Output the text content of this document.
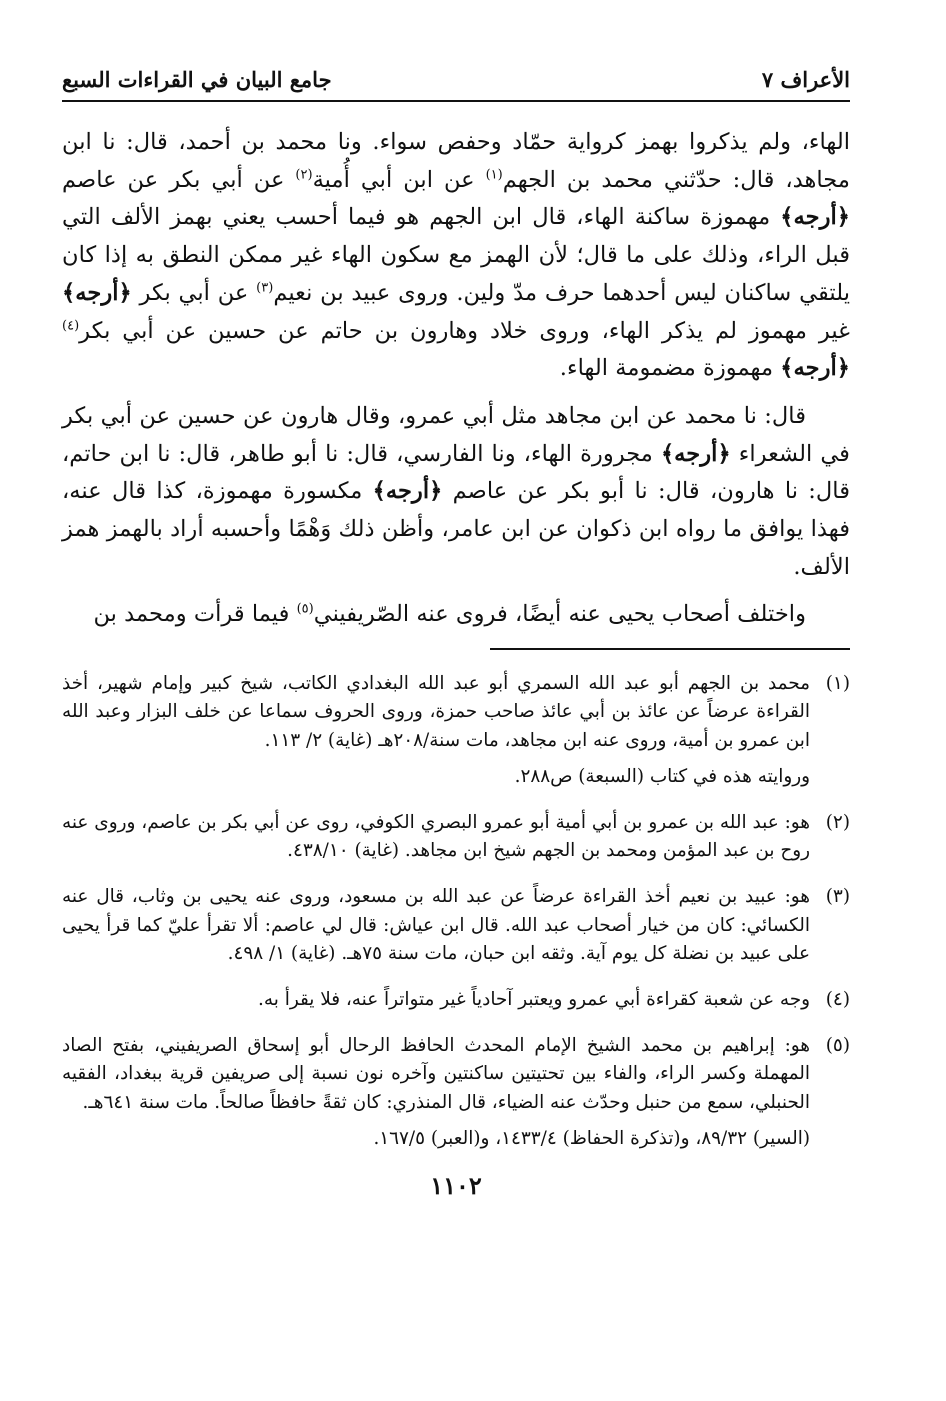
الأعراف ٧
جامع البيان في القراءات السبع

الهاء، ولم يذكروا بهمز كرواية حمّاد وحفص سواء. ونا محمد بن أحمد، قال: نا ابن مجاهد، قال: حدّثني محمد بن الجهم$^{(١)}$ عن ابن أبي أُمية$^{(٢)}$ عن أبي بكر عن عاصم ﴿أرجه﴾ مهموزة ساكنة الهاء، قال ابن الجهم هو فيما أحسب يعني بهمز الألف التي قبل الراء، وذلك على ما قال؛ لأن الهمز مع سكون الهاء غير ممكن النطق به إذا كان يلتقي ساكنان ليس أحدهما حرف مدّ ولين. وروى عبيد بن نعيم$^{(٣)}$ عن أبي بكر ﴿أرجه﴾ غير مهموز لم يذكر الهاء، وروى خلاد وهارون بن حاتم عن حسين عن أبي بكر$^{(٤)}$ ﴿أرجه﴾ مهموزة مضمومة الهاء.

قال: نا محمد عن ابن مجاهد مثل أبي عمرو، وقال هارون عن حسين عن أبي بكر في الشعراء ﴿أرجه﴾ مجرورة الهاء، ونا الفارسي، قال: نا أبو طاهر، قال: نا ابن حاتم، قال: نا هارون، قال: نا أبو بكر عن عاصم ﴿أرجه﴾ مكسورة مهموزة، كذا قال عنه، فهذا يوافق ما رواه ابن ذكوان عن ابن عامر، وأظن ذلك وَهْمًا وأحسبه أراد بالهمز همز الألف.

واختلف أصحاب يحيى عنه أيضًا، فروى عنه الصّريفيني$^{(٥)}$ فيما قرأت ومحمد بن

(١)

محمد بن الجهم أبو عبد الله السمري أبو عبد الله البغدادي الكاتب، شيخ كبير وإمام شهير، أخذ القراءة عرضاً عن عائذ بن أبي عائذ صاحب حمزة، وروى الحروف سماعا عن خلف البزار وعبد الله ابن عمرو بن أمية، وروى عنه ابن مجاهد، مات سنة/٢٠٨هـ (غاية) ٢/ ١١٣.

وروايته هذه في كتاب (السبعة) ص٢٨٨.

(٢)

هو: عبد الله بن عمرو بن أبي أمية أبو عمرو البصري الكوفي، روى عن أبي بكر بن عاصم، وروى عنه روح بن عبد المؤمن ومحمد بن الجهم شيخ ابن مجاهد. (غاية) ٤٣٨/١٠.

(٣)

هو: عبيد بن نعيم أخذ القراءة عرضاً عن عبد الله بن مسعود، وروى عنه يحيى بن وثاب، قال عنه الكسائي: كان من خيار أصحاب عبد الله. قال ابن عياش: قال لي عاصم: ألا تقرأ عليّ كما قرأ يحيى على عبيد بن نضلة كل يوم آية. وثقه ابن حبان، مات سنة ٧٥هـ. (غاية) ١/ ٤٩٨.

(٤)

وجه عن شعبة كقراءة أبي عمرو ويعتبر آحادياً غير متواتراً عنه، فلا يقرأ به.

(٥)

هو: إبراهيم بن محمد الشيخ الإمام المحدث الحافظ الرحال أبو إسحاق الصريفيني، بفتح الصاد المهملة وكسر الراء، والفاء بين تحتيتين ساكنتين وآخره نون نسبة إلى صريفين قرية ببغداد، الفقيه الحنبلي، سمع من حنبل وحدّث عنه الضياء، قال المنذري: كان ثقةً حافظاً صالحاً. مات سنة ٦٤١هـ.

(السير) ٨٩/٣٢، و(تذكرة الحفاظ) ١٤٣٣/٤، و(العبر) ١٦٧/٥.

١١٠٢
